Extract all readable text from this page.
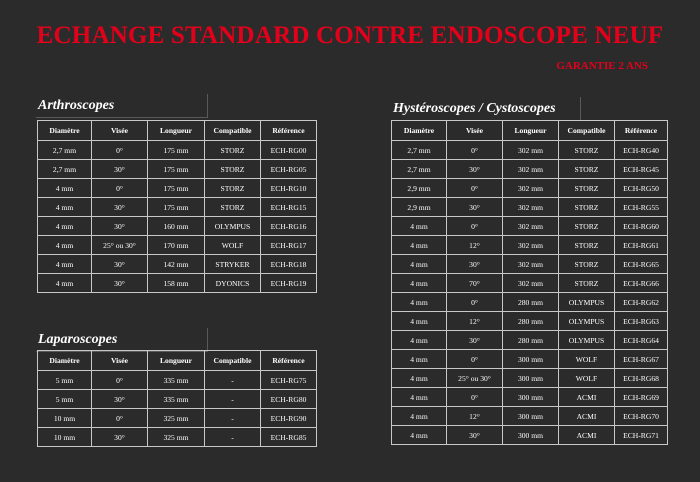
ECHANGE STANDARD CONTRE ENDOSCOPE NEUF
GARANTIE 2 ANS
Arthroscopes
Diamètre	Visée	Longueur	Compatible	Référence
2,7 mm	0°	175 mm	STORZ	ECH-RG00
2,7 mm	30°	175 mm	STORZ	ECH-RG05
4 mm	0°	175 mm	STORZ	ECH-RG10
4 mm	30°	175 mm	STORZ	ECH-RG15
4 mm	30°	160 mm	OLYMPUS	ECH-RG16
4 mm	25° ou 30°	170 mm	WOLF	ECH-RG17
4 mm	30°	142 mm	STRYKER	ECH-RG18
4 mm	30°	158 mm	DYONICS	ECH-RG19
Laparoscopes
Diamètre	Visée	Longueur	Compatible	Référence
5 mm	0°	335 mm	-	ECH-RG75
5 mm	30°	335 mm	-	ECH-RG80
10 mm	0°	325 mm	-	ECH-RG90
10 mm	30°	325 mm	-	ECH-RG85
Hystéroscopes / Cystoscopes
Diamètre	Visée	Longueur	Compatible	Référence
2,7 mm	0°	302 mm	STORZ	ECH-RG40
2,7 mm	30°	302 mm	STORZ	ECH-RG45
2,9 mm	0°	302 mm	STORZ	ECH-RG50
2,9 mm	30°	302 mm	STORZ	ECH-RG55
4 mm	0°	302 mm	STORZ	ECH-RG60
4 mm	12°	302 mm	STORZ	ECH-RG61
4 mm	30°	302 mm	STORZ	ECH-RG65
4 mm	70°	302 mm	STORZ	ECH-RG66
4 mm	0°	280 mm	OLYMPUS	ECH-RG62
4 mm	12°	280 mm	OLYMPUS	ECH-RG63
4 mm	30°	280 mm	OLYMPUS	ECH-RG64
4 mm	0°	300 mm	WOLF	ECH-RG67
4 mm	25° ou 30°	300 mm	WOLF	ECH-RG68
4 mm	0°	300 mm	ACMI	ECH-RG69
4 mm	12°	300 mm	ACMI	ECH-RG70
4 mm	30°	300 mm	ACMI	ECH-RG71
